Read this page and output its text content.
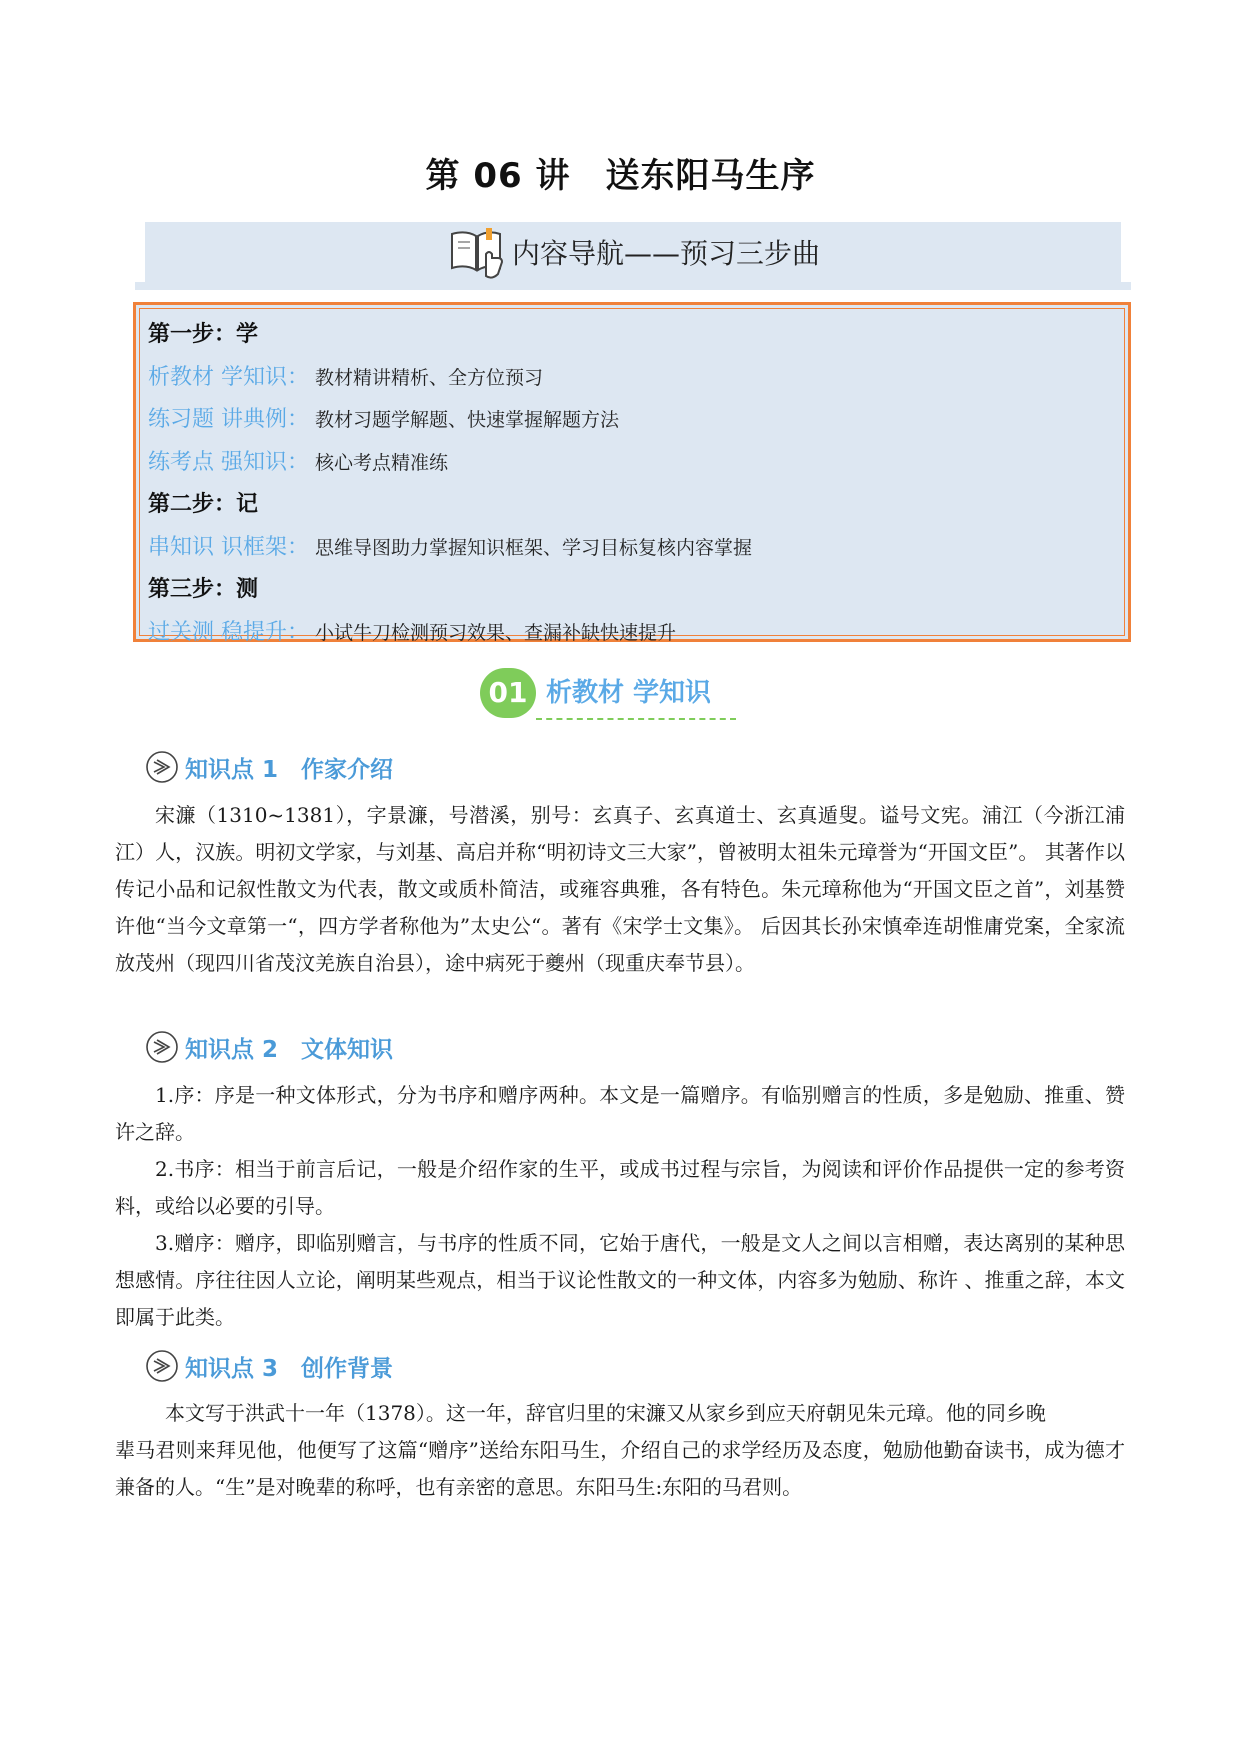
第 06 讲　送东阳马生序
内容导航——预习三步曲
第一步：学
析教材 学知识： 教材精讲精析、全方位预习
练习题 讲典例： 教材习题学解题、快速掌握解题方法
练考点 强知识： 核心考点精准练
第二步：记
串知识 识框架： 思维导图助力掌握知识框架、学习目标复核内容掌握
第三步：测
过关测 稳提升： 小试牛刀检测预习效果、查漏补缺快速提升
01 析教材 学知识
知识点 1　作家介绍

宋濂（1310~1381），字景濂，号潜溪，别号：玄真子、玄真道士、玄真遁叟。谥号文宪。浦江（今浙江浦江）人，汉族。明初文学家，与刘基、高启并称“明初诗文三大家”，曾被明太祖朱元璋誉为“开国文臣”。 其著作以传记小品和记叙性散文为代表，散文或质朴简洁，或雍容典雅，各有特色。朱元璋称他为“开国文臣之首”，刘基赞许他“当今文章第一“，四方学者称他为”太史公“。著有《宋学士文集》。 后因其长孙宋慎牵连胡惟庸党案，全家流放茂州（现四川省茂汶羌族自治县），途中病死于夔州（现重庆奉节县）。

知识点 2　文体知识

1.序：序是一种文体形式，分为书序和赠序两种。本文是一篇赠序。有临别赠言的性质，多是勉励、推重、赞许之辞。

2.书序：相当于前言后记，一般是介绍作家的生平，或成书过程与宗旨，为阅读和评价作品提供一定的参考资料，或给以必要的引导。

3.赠序：赠序，即临别赠言，与书序的性质不同，它始于唐代，一般是文人之间以言相赠，表达离别的某种思想感情。序往往因人立论，阐明某些观点，相当于议论性散文的一种文体，内容多为勉励、称许 、推重之辞，本文即属于此类。

知识点 3　创作背景

本文写于洪武十一年（1378）。这一年，辞官归里的宋濂又从家乡到应天府朝见朱元璋。他的同乡晚

辈马君则来拜见他，他便写了这篇“赠序”送给东阳马生，介绍自己的求学经历及态度，勉励他勤奋读书，成为德才兼备的人。“生”是对晚辈的称呼，也有亲密的意思。东阳马生:东阳的马君则。
